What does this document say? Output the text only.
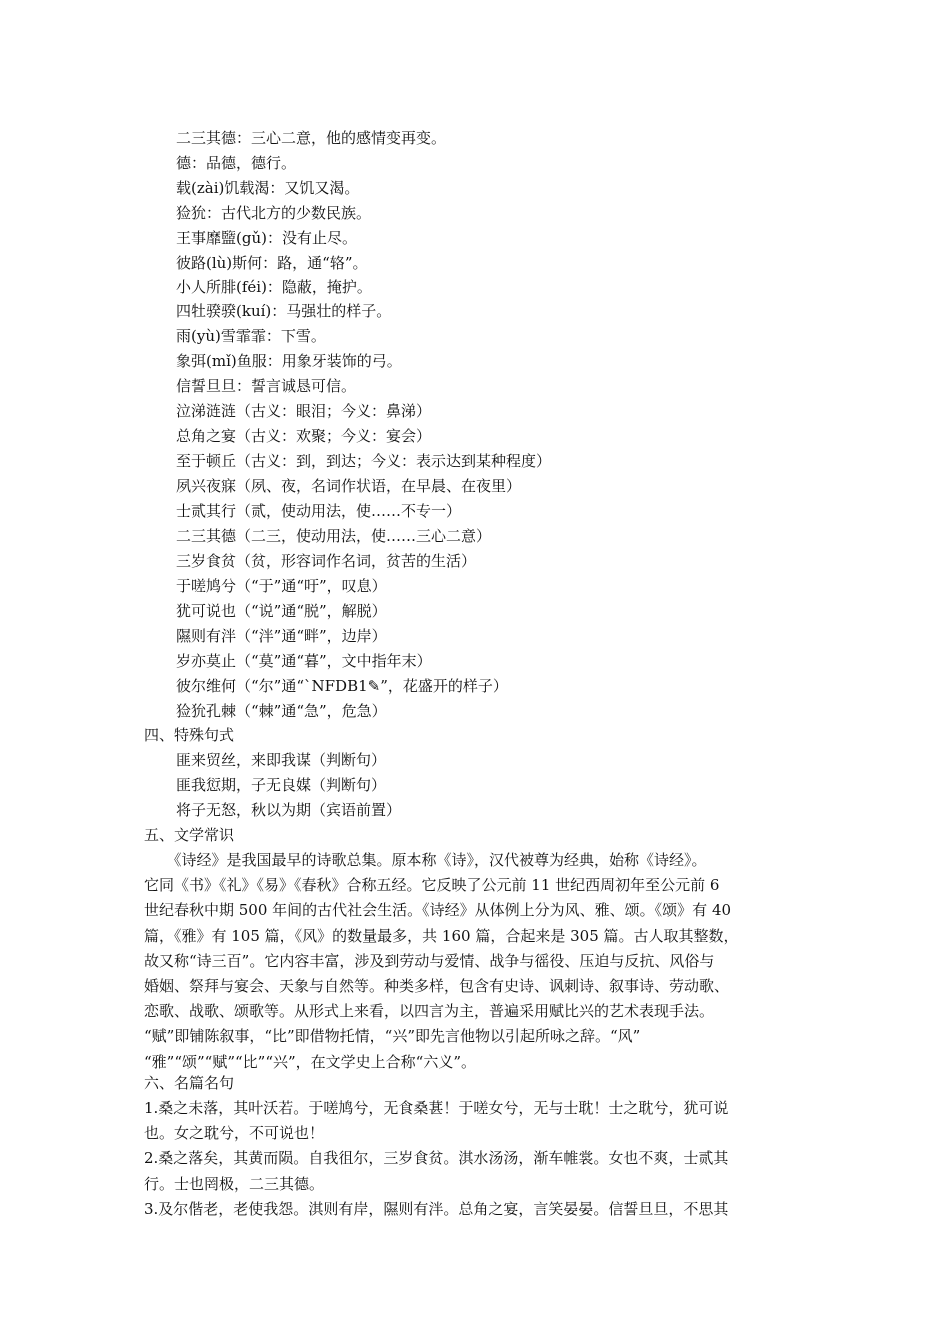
二三其德：三心二意，他的感情变再变。
德：品德，德行。
载(zài)饥载渴：又饥又渴。
猃狁：古代北方的少数民族。
王事靡盬(gǔ)：没有止尽。
彼路(lù)斯何：路，通“辂”。
小人所腓(féi)：隐蔽，掩护。
四牡骙骙(kuí)：马强壮的样子。
雨(yù)雪霏霏：下雪。
象弭(mǐ)鱼服：用象牙装饰的弓。
信誓旦旦：誓言诚恳可信。
泣涕涟涟（古义：眼泪；今义：鼻涕）
总角之宴（古义：欢聚；今义：宴会）
至于顿丘（古义：到，到达；今义：表示达到某种程度）
夙兴夜寐（夙、夜，名词作状语，在早晨、在夜里）
士贰其行（贰，使动用法，使……不专一）
二三其德（二三，使动用法，使……三心二意）
三岁食贫（贫，形容词作名词，贫苦的生活）
于嗟鸠兮（“于”通“吁”，叹息）
犹可说也（“说”通“脱”，解脱）
隰则有泮（“泮”通“畔”，边岸）
岁亦莫止（“莫”通“暮”，文中指年末）
彼尔维何（“尔”通“`NFDB1✎”，花盛开的样子）
猃狁孔棘（“棘”通“急”，危急）
四、特殊句式
匪来贸丝，来即我谋（判断句）
匪我愆期，子无良媒（判断句）
将子无怒，秋以为期（宾语前置）
五、文学常识
　　《诗经》是我国最早的诗歌总集。原本称《诗》，汉代被尊为经典，始称《诗经》。
它同《书》《礼》《易》《春秋》合称五经。它反映了公元前 11 世纪西周初年至公元前 6
世纪春秋中期 500 年间的古代社会生活。《诗经》从体例上分为风、雅、颂。《颂》有 40
篇，《雅》有 105 篇，《风》的数量最多，共 160 篇，合起来是 305 篇。古人取其整数，
故又称“诗三百”。它内容丰富，涉及到劳动与爱情、战争与徭役、压迫与反抗、风俗与
婚姻、祭拜与宴会、天象与自然等。种类多样，包含有史诗、讽刺诗、叙事诗、劳动歌、
恋歌、战歌、颂歌等。从形式上来看，以四言为主，普遍采用赋比兴的艺术表现手法。
“赋”即铺陈叙事，“比”即借物托情，“兴”即先言他物以引起所咏之辞。“风”
“雅”“颂”“赋”“比”“兴”，在文学史上合称“六义”。
六、名篇名句
1.桑之未落，其叶沃若。于嗟鸠兮，无食桑葚！于嗟女兮，无与士耽！士之耽兮，犹可说
也。女之耽兮，不可说也！
2.桑之落矣，其黄而陨。自我徂尔，三岁食贫。淇水汤汤，渐车帷裳。女也不爽，士贰其
行。士也罔极，二三其德。
3.及尔偕老，老使我怨。淇则有岸，隰则有泮。总角之宴，言笑晏晏。信誓旦旦，不思其
